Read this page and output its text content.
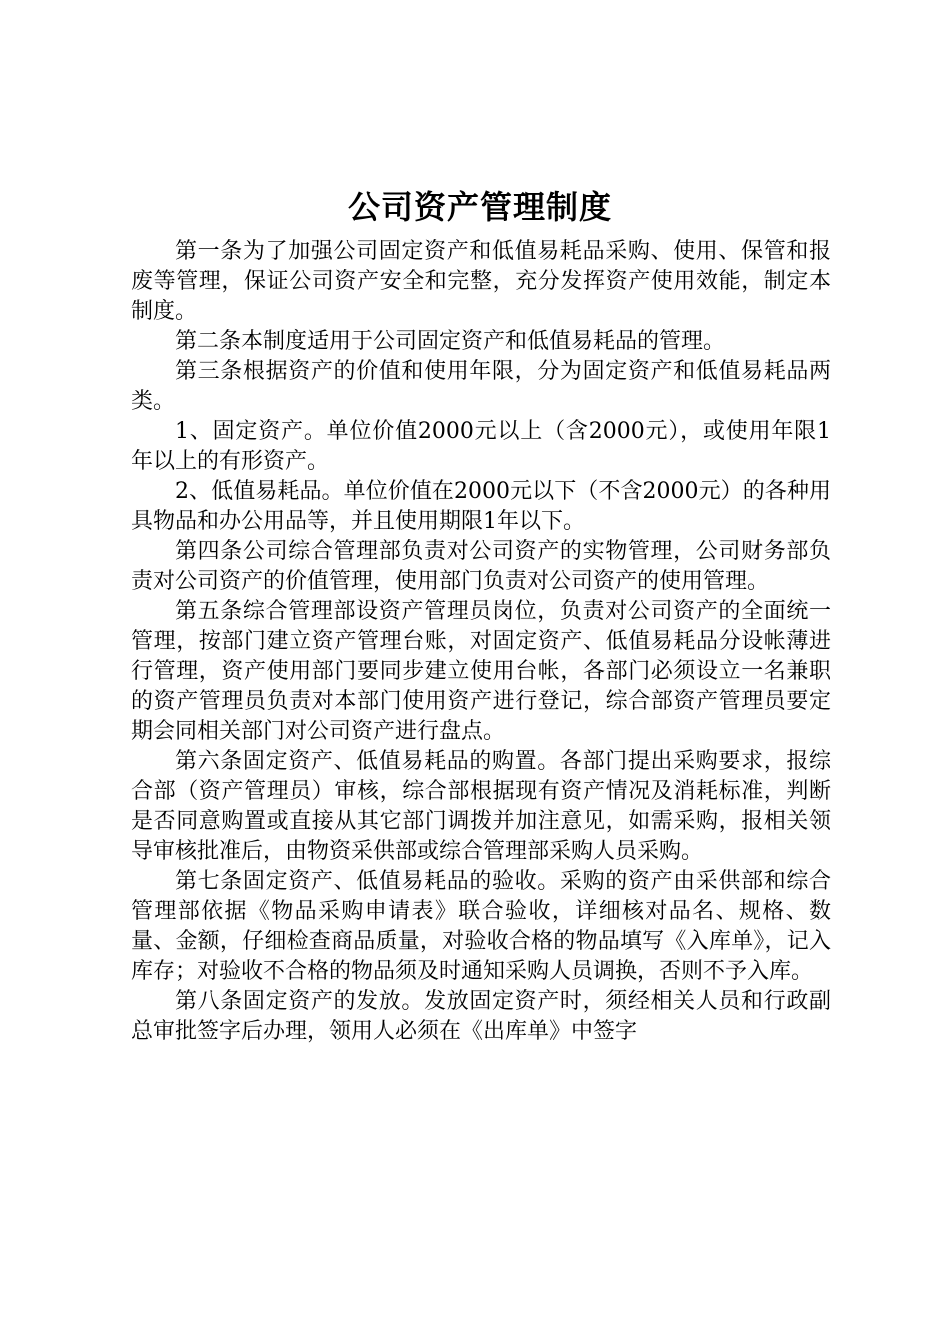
公司资产管理制度

第一条为了加强公司固定资产和低值易耗品采购、使用、保管和报废等管理，保证公司资产安全和完整，充分发挥资产使用效能，制定本制度。

第二条本制度适用于公司固定资产和低值易耗品的管理。

第三条根据资产的价值和使用年限，分为固定资产和低值易耗品两类。

1、固定资产。单位价值2000元以上（含2000元），或使用年限1年以上的有形资产。

2、低值易耗品。单位价值在2000元以下（不含2000元）的各种用具物品和办公用品等，并且使用期限1年以下。

第四条公司综合管理部负责对公司资产的实物管理，公司财务部负责对公司资产的价值管理，使用部门负责对公司资产的使用管理。

第五条综合管理部设资产管理员岗位，负责对公司资产的全面统一管理，按部门建立资产管理台账，对固定资产、低值易耗品分设帐薄进行管理，资产使用部门要同步建立使用台帐，各部门必须设立一名兼职的资产管理员负责对本部门使用资产进行登记，综合部资产管理员要定期会同相关部门对公司资产进行盘点。

第六条固定资产、低值易耗品的购置。各部门提出采购要求，报综合部（资产管理员）审核，综合部根据现有资产情况及消耗标准，判断是否同意购置或直接从其它部门调拨并加注意见，如需采购，报相关领导审核批准后，由物资采供部或综合管理部采购人员采购。

第七条固定资产、低值易耗品的验收。采购的资产由采供部和综合管理部依据《物品采购申请表》联合验收，详细核对品名、规格、数量、金额，仔细检查商品质量，对验收合格的物品填写《入库单》，记入库存；对验收不合格的物品须及时通知采购人员调换，否则不予入库。

第八条固定资产的发放。发放固定资产时，须经相关人员和行政副总审批签字后办理，领用人必须在《出库单》中签字
